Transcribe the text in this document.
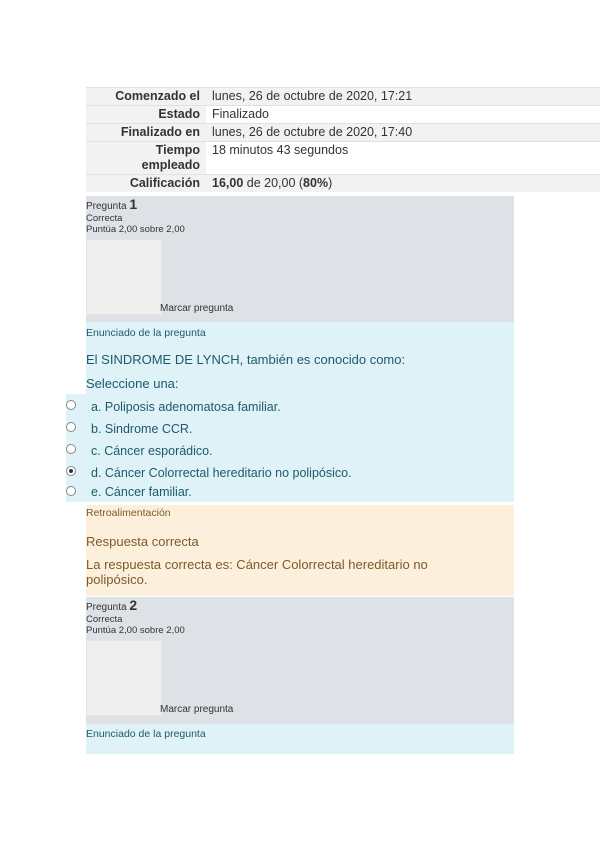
Comenzado el lunes, 26 de octubre de 2020, 17:21
Estado Finalizado
Finalizado en lunes, 26 de octubre de 2020, 17:40
Tiempo
empleado
18 minutos 43 segundos
Calificación 16,00 de 20,00 (80%)
Pregunta 1
Correcta
Puntúa 2,00 sobre 2,00
Marcar pregunta
Enunciado de la pregunta
El SINDROME DE LYNCH, también es conocido como:
Seleccione una:
a. Poliposis adenomatosa familiar.
b. Sindrome CCR.
c. Cáncer esporádico.
d. Cáncer Colorrectal hereditario no polipósico.
e. Cáncer familiar.
Retroalimentación
Respuesta correcta
La respuesta correcta es: Cáncer Colorrectal hereditario no
polipósico.
Pregunta 2
Correcta
Puntúa 2,00 sobre 2,00
Marcar pregunta
Enunciado de la pregunta
